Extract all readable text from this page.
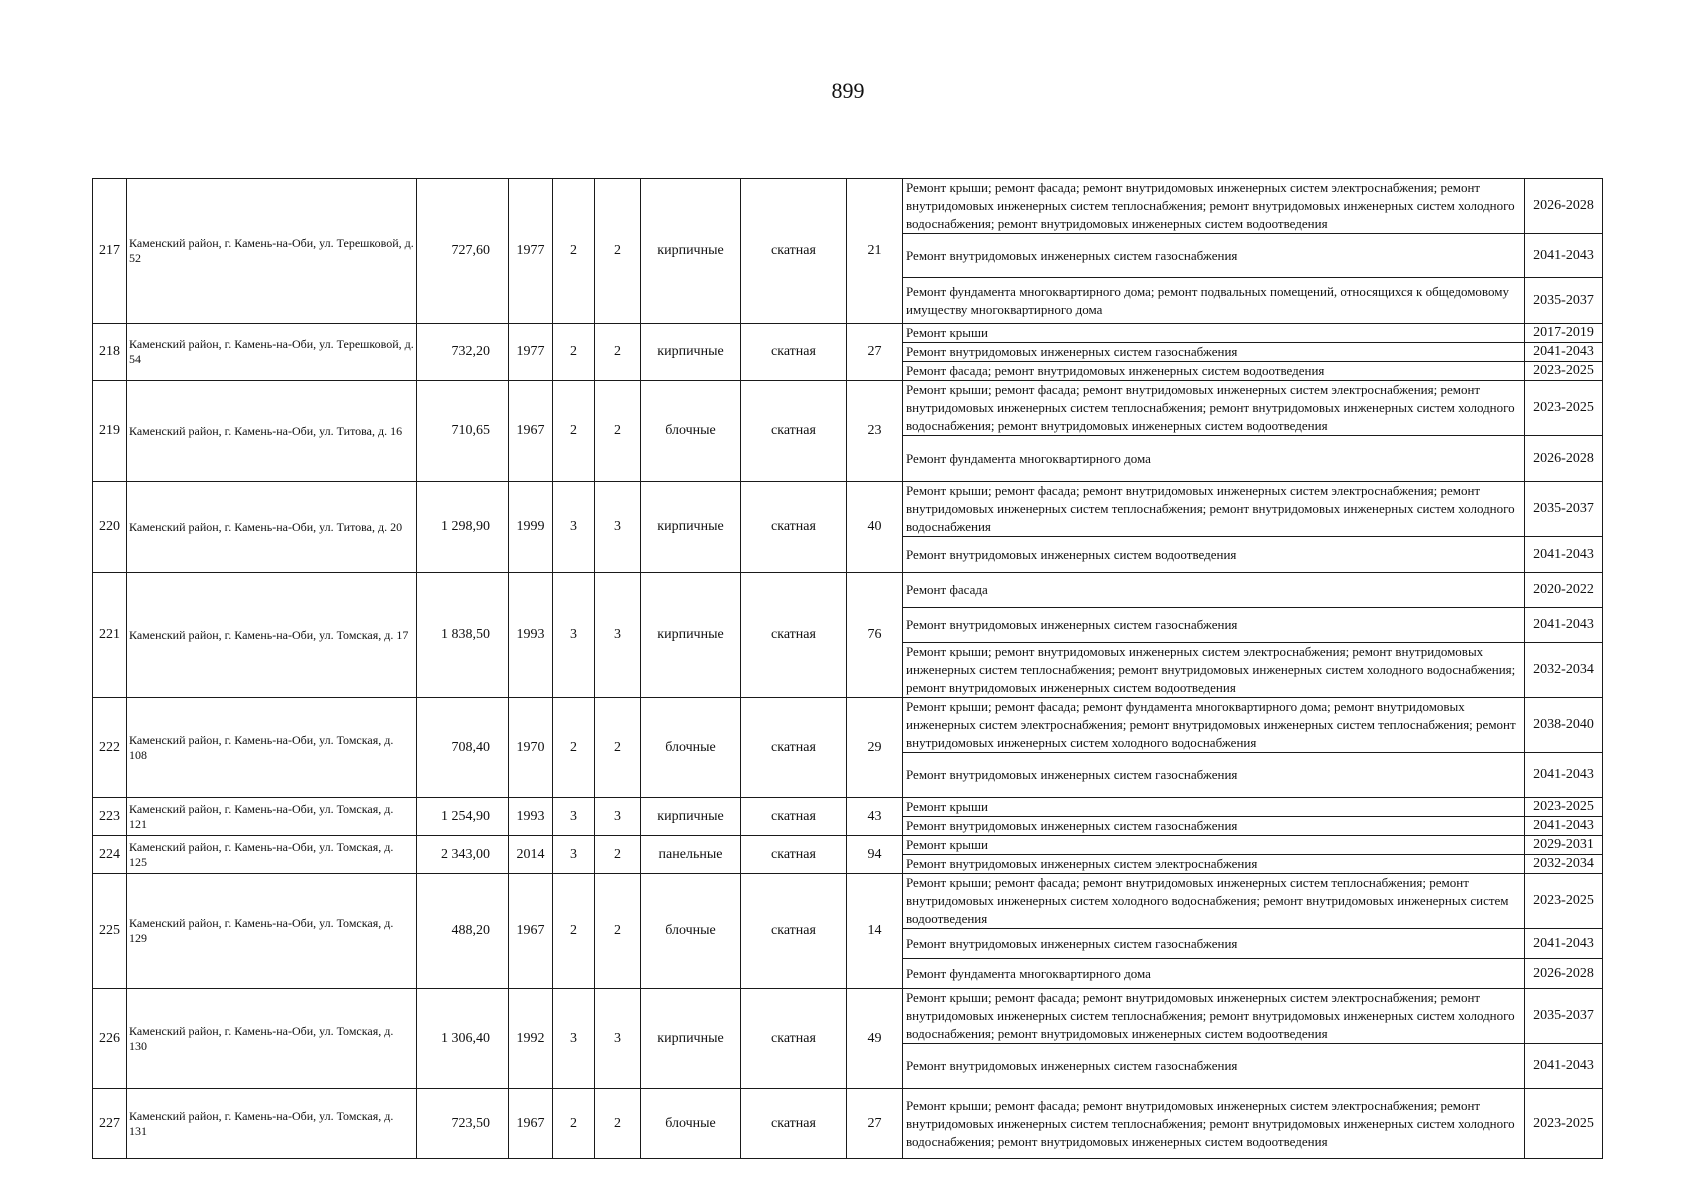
899
217	Каменский район, г. Камень-на-Оби, ул. Терешковой, д. 52	727,60	1977	2	2	кирпичные	скатная	21	Ремонт крыши; ремонт фасада; ремонт внутридомовых инженерных систем электроснабжения; ремонт внутридомовых инженерных систем теплоснабжения; ремонт внутридомовых инженерных систем холодного водоснабжения; ремонт внутридомовых инженерных систем водоотведения	2026-2028
									Ремонт внутридомовых инженерных систем газоснабжения	2041-2043
									Ремонт фундамента многоквартирного дома; ремонт подвальных помещений, относящихся к общедомовому имуществу многоквартирного дома	2035-2037
218	Каменский район, г. Камень-на-Оби, ул. Терешковой, д. 54	732,20	1977	2	2	кирпичные	скатная	27	Ремонт крыши	2017-2019
									Ремонт внутридомовых инженерных систем газоснабжения	2041-2043
									Ремонт фасада; ремонт внутридомовых инженерных систем водоотведения	2023-2025
219	Каменский район, г. Камень-на-Оби, ул. Титова, д. 16	710,65	1967	2	2	блочные	скатная	23	Ремонт крыши; ремонт фасада; ремонт внутридомовых инженерных систем электроснабжения; ремонт внутридомовых инженерных систем теплоснабжения; ремонт внутридомовых инженерных систем холодного водоснабжения; ремонт внутридомовых инженерных систем водоотведения	2023-2025
									Ремонт фундамента многоквартирного дома	2026-2028
220	Каменский район, г. Камень-на-Оби, ул. Титова, д. 20	1 298,90	1999	3	3	кирпичные	скатная	40	Ремонт крыши; ремонт фасада; ремонт внутридомовых инженерных систем электроснабжения; ремонт внутридомовых инженерных систем теплоснабжения; ремонт внутридомовых инженерных систем холодного водоснабжения	2035-2037
									Ремонт внутридомовых инженерных систем водоотведения	2041-2043
221	Каменский район, г. Камень-на-Оби, ул. Томская, д. 17	1 838,50	1993	3	3	кирпичные	скатная	76	Ремонт фасада	2020-2022
									Ремонт внутридомовых инженерных систем газоснабжения	2041-2043
									Ремонт крыши; ремонт внутридомовых инженерных систем электроснабжения; ремонт внутридомовых инженерных систем теплоснабжения; ремонт внутридомовых инженерных систем холодного водоснабжения; ремонт внутридомовых инженерных систем водоотведения	2032-2034
222	Каменский район, г. Камень-на-Оби, ул. Томская, д. 108	708,40	1970	2	2	блочные	скатная	29	Ремонт крыши; ремонт фасада; ремонт фундамента многоквартирного дома; ремонт внутридомовых инженерных систем электроснабжения; ремонт внутридомовых инженерных систем теплоснабжения; ремонт внутридомовых инженерных систем холодного водоснабжения	2038-2040
									Ремонт внутридомовых инженерных систем газоснабжения	2041-2043
223	Каменский район, г. Камень-на-Оби, ул. Томская, д. 121	1 254,90	1993	3	3	кирпичные	скатная	43	Ремонт крыши	2023-2025
									Ремонт внутридомовых инженерных систем газоснабжения	2041-2043
224	Каменский район, г. Камень-на-Оби, ул. Томская, д. 125	2 343,00	2014	3	2	панельные	скатная	94	Ремонт крыши	2029-2031
									Ремонт внутридомовых инженерных систем электроснабжения	2032-2034
225	Каменский район, г. Камень-на-Оби, ул. Томская, д. 129	488,20	1967	2	2	блочные	скатная	14	Ремонт крыши; ремонт фасада; ремонт внутридомовых инженерных систем теплоснабжения; ремонт внутридомовых инженерных систем холодного водоснабжения; ремонт внутридомовых инженерных систем водоотведения	2023-2025
									Ремонт внутридомовых инженерных систем газоснабжения	2041-2043
									Ремонт фундамента многоквартирного дома	2026-2028
226	Каменский район, г. Камень-на-Оби, ул. Томская, д. 130	1 306,40	1992	3	3	кирпичные	скатная	49	Ремонт крыши; ремонт фасада; ремонт внутридомовых инженерных систем электроснабжения; ремонт внутридомовых инженерных систем теплоснабжения; ремонт внутридомовых инженерных систем холодного водоснабжения; ремонт внутридомовых инженерных систем водоотведения	2035-2037
									Ремонт внутридомовых инженерных систем газоснабжения	2041-2043
227	Каменский район, г. Камень-на-Оби, ул. Томская, д. 131	723,50	1967	2	2	блочные	скатная	27	Ремонт крыши; ремонт фасада; ремонт внутридомовых инженерных систем электроснабжения; ремонт внутридомовых инженерных систем теплоснабжения; ремонт внутридомовых инженерных систем холодного водоснабжения; ремонт внутридомовых инженерных систем водоотведения	2023-2025
